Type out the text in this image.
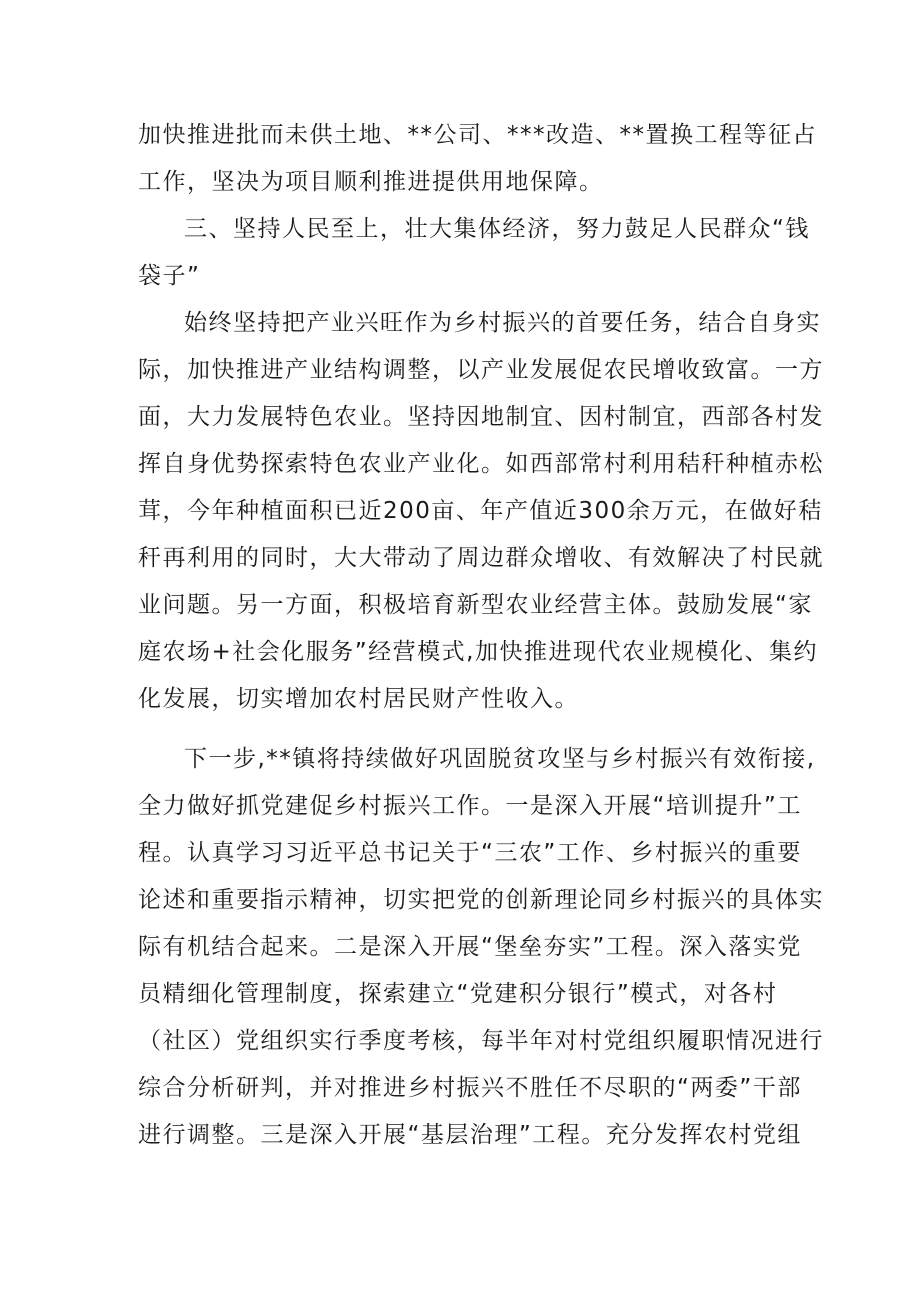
加快推进批而未供土地、**公司、***改造、**置换工程等征占
工作，坚决为项目顺利推进提供用地保障。
三、坚持人民至上，壮大集体经济，努力鼓足人民群众“钱
袋子”
始终坚持把产业兴旺作为乡村振兴的首要任务，结合自身实
际，加快推进产业结构调整，以产业发展促农民增收致富。一方
面，大力发展特色农业。坚持因地制宜、因村制宜，西部各村发
挥自身优势探索特色农业产业化。如西部常村利用秸秆种植赤松
茸，今年种植面积已近200亩、年产值近300余万元，在做好秸
秆再利用的同时，大大带动了周边群众增收、有效解决了村民就
业问题。另一方面，积极培育新型农业经营主体。鼓励发展“家
庭农场+社会化服务”经营模式,加快推进现代农业规模化、集约
化发展，切实增加农村居民财产性收入。
下一步,**镇将持续做好巩固脱贫攻坚与乡村振兴有效衔接,
全力做好抓党建促乡村振兴工作。一是深入开展“培训提升”工
程。认真学习习近平总书记关于“三农”工作、乡村振兴的重要
论述和重要指示精神，切实把党的创新理论同乡村振兴的具体实
际有机结合起来。二是深入开展“堡垒夯实”工程。深入落实党
员精细化管理制度，探索建立“党建积分银行”模式，对各村
（社区）党组织实行季度考核，每半年对村党组织履职情况进行
综合分析研判，并对推进乡村振兴不胜任不尽职的“两委”干部
进行调整。三是深入开展“基层治理”工程。充分发挥农村党组
